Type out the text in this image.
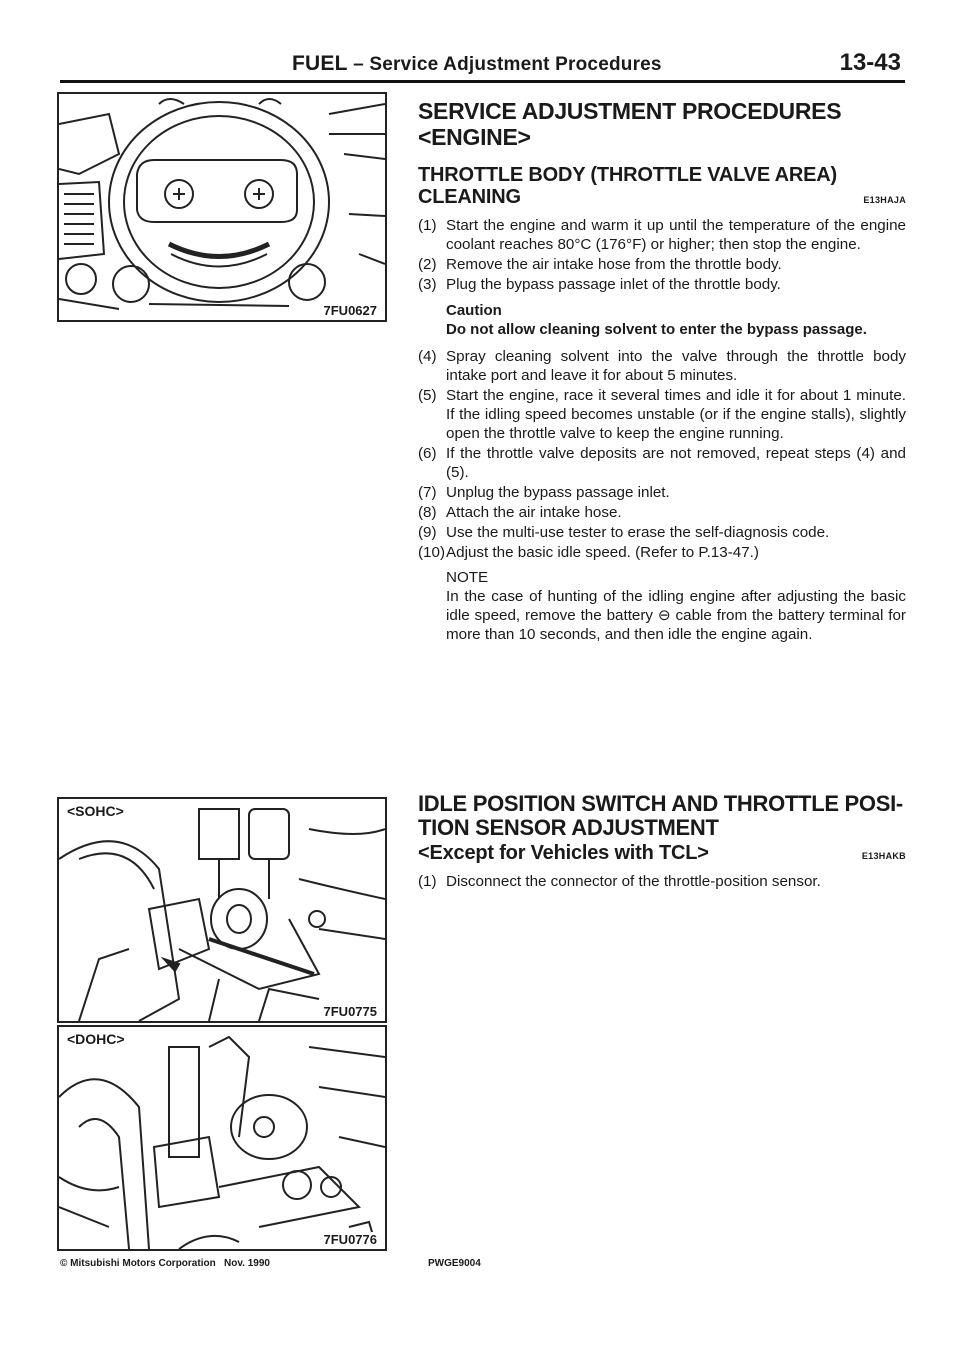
FUEL – Service Adjustment Procedures	13-43
7FU0627
<SOHC>
7FU0775
<DOHC>
7FU0776
SERVICE ADJUSTMENT PROCEDURES
<ENGINE>
THROTTLE BODY (THROTTLE VALVE AREA)
CLEANING	E13HAJA
(1) Start the engine and warm it up until the temperature of the engine coolant reaches 80°C (176°F) or higher; then stop the engine.
(2) Remove the air intake hose from the throttle body.
(3) Plug the bypass passage inlet of the throttle body.
Caution
Do not allow cleaning solvent to enter the bypass passage.
(4) Spray cleaning solvent into the valve through the throttle body intake port and leave it for about 5 minutes.
(5) Start the engine, race it several times and idle it for about 1 minute. If the idling speed becomes unstable (or if the engine stalls), slightly open the throttle valve to keep the engine running.
(6) If the throttle valve deposits are not removed, repeat steps (4) and (5).
(7) Unplug the bypass passage inlet.
(8) Attach the air intake hose.
(9) Use the multi-use tester to erase the self-diagnosis code.
(10) Adjust the basic idle speed. (Refer to P.13-47.)
NOTE
In the case of hunting of the idling engine after adjusting the basic idle speed, remove the battery ⊖ cable from the battery terminal for more than 10 seconds, and then idle the engine again.
IDLE POSITION SWITCH AND THROTTLE POSI-
TION SENSOR ADJUSTMENT
<Except for Vehicles with TCL>	E13HAKB
(1) Disconnect the connector of the throttle-position sensor.
© Mitsubishi Motors Corporation   Nov. 1990	PWGE9004
